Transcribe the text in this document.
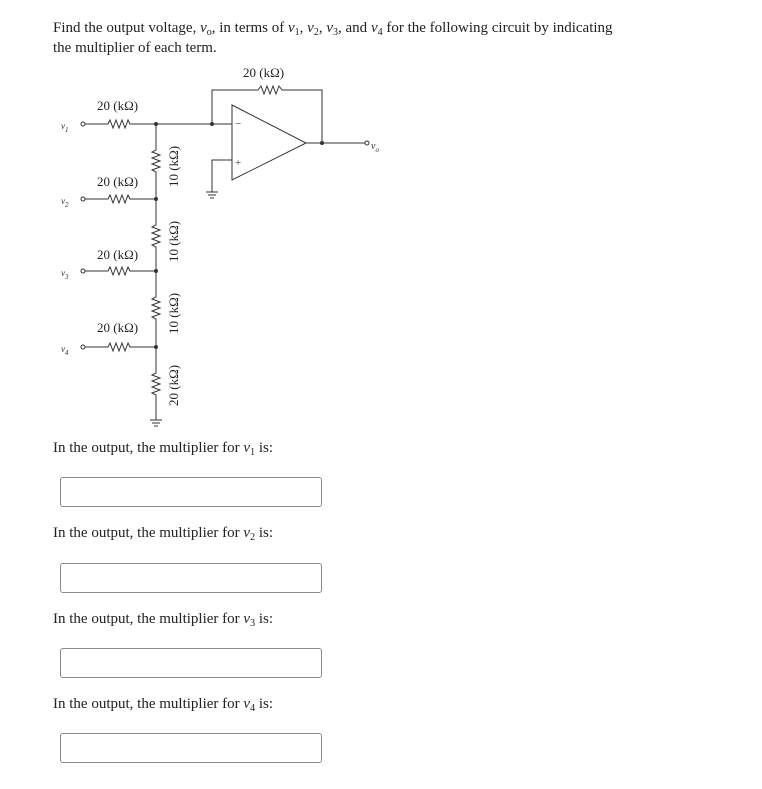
Find the output voltage, $v_o$, in terms of $v_1$, $v_2$, $v_3$, and $v_4$ for the following circuit by indicating the multiplier of each term.
20 (kΩ)
−
+
$v_o$
$v_1$
20 (kΩ)
$v_2$
20 (kΩ)
$v_3$
20 (kΩ)
$v_4$
20 (kΩ)
10 (kΩ)
10 (kΩ)
10 (kΩ)
20 (kΩ)
In the output, the multiplier for $v_1$ is:
In the output, the multiplier for $v_2$ is:
In the output, the multiplier for $v_3$ is:
In the output, the multiplier for $v_4$ is:
